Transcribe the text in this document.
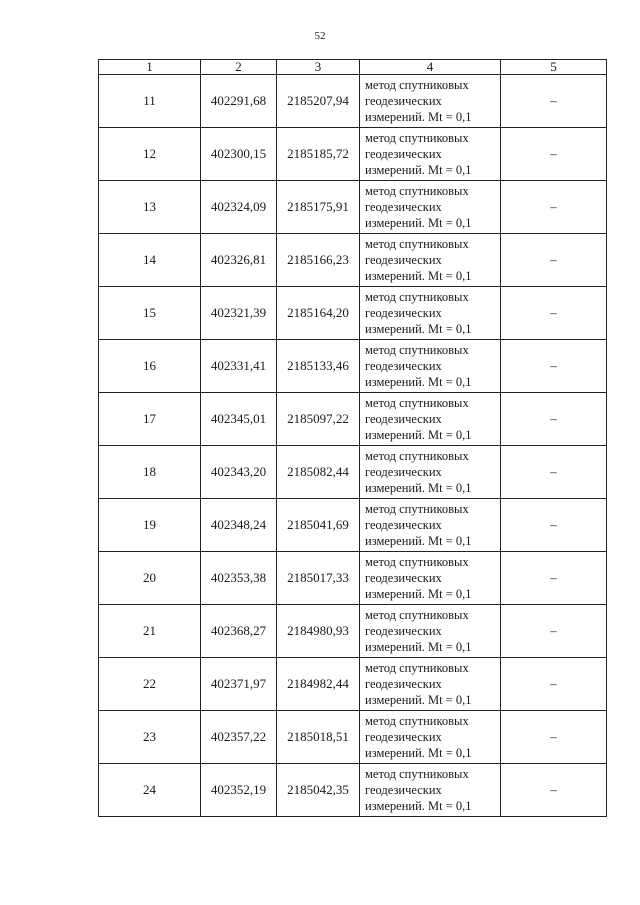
52
1	2	3	4	5
11	402291,68	2185207,94	метод спутниковых
геодезических
измерений. Mt = 0,1	–
12	402300,15	2185185,72	метод спутниковых
геодезических
измерений. Mt = 0,1	–
13	402324,09	2185175,91	метод спутниковых
геодезических
измерений. Mt = 0,1	–
14	402326,81	2185166,23	метод спутниковых
геодезических
измерений. Mt = 0,1	–
15	402321,39	2185164,20	метод спутниковых
геодезических
измерений. Mt = 0,1	–
16	402331,41	2185133,46	метод спутниковых
геодезических
измерений. Mt = 0,1	–
17	402345,01	2185097,22	метод спутниковых
геодезических
измерений. Mt = 0,1	–
18	402343,20	2185082,44	метод спутниковых
геодезических
измерений. Mt = 0,1	–
19	402348,24	2185041,69	метод спутниковых
геодезических
измерений. Mt = 0,1	–
20	402353,38	2185017,33	метод спутниковых
геодезических
измерений. Mt = 0,1	–
21	402368,27	2184980,93	метод спутниковых
геодезических
измерений. Mt = 0,1	–
22	402371,97	2184982,44	метод спутниковых
геодезических
измерений. Mt = 0,1	–
23	402357,22	2185018,51	метод спутниковых
геодезических
измерений. Mt = 0,1	–
24	402352,19	2185042,35	метод спутниковых
геодезических
измерений. Mt = 0,1	–
